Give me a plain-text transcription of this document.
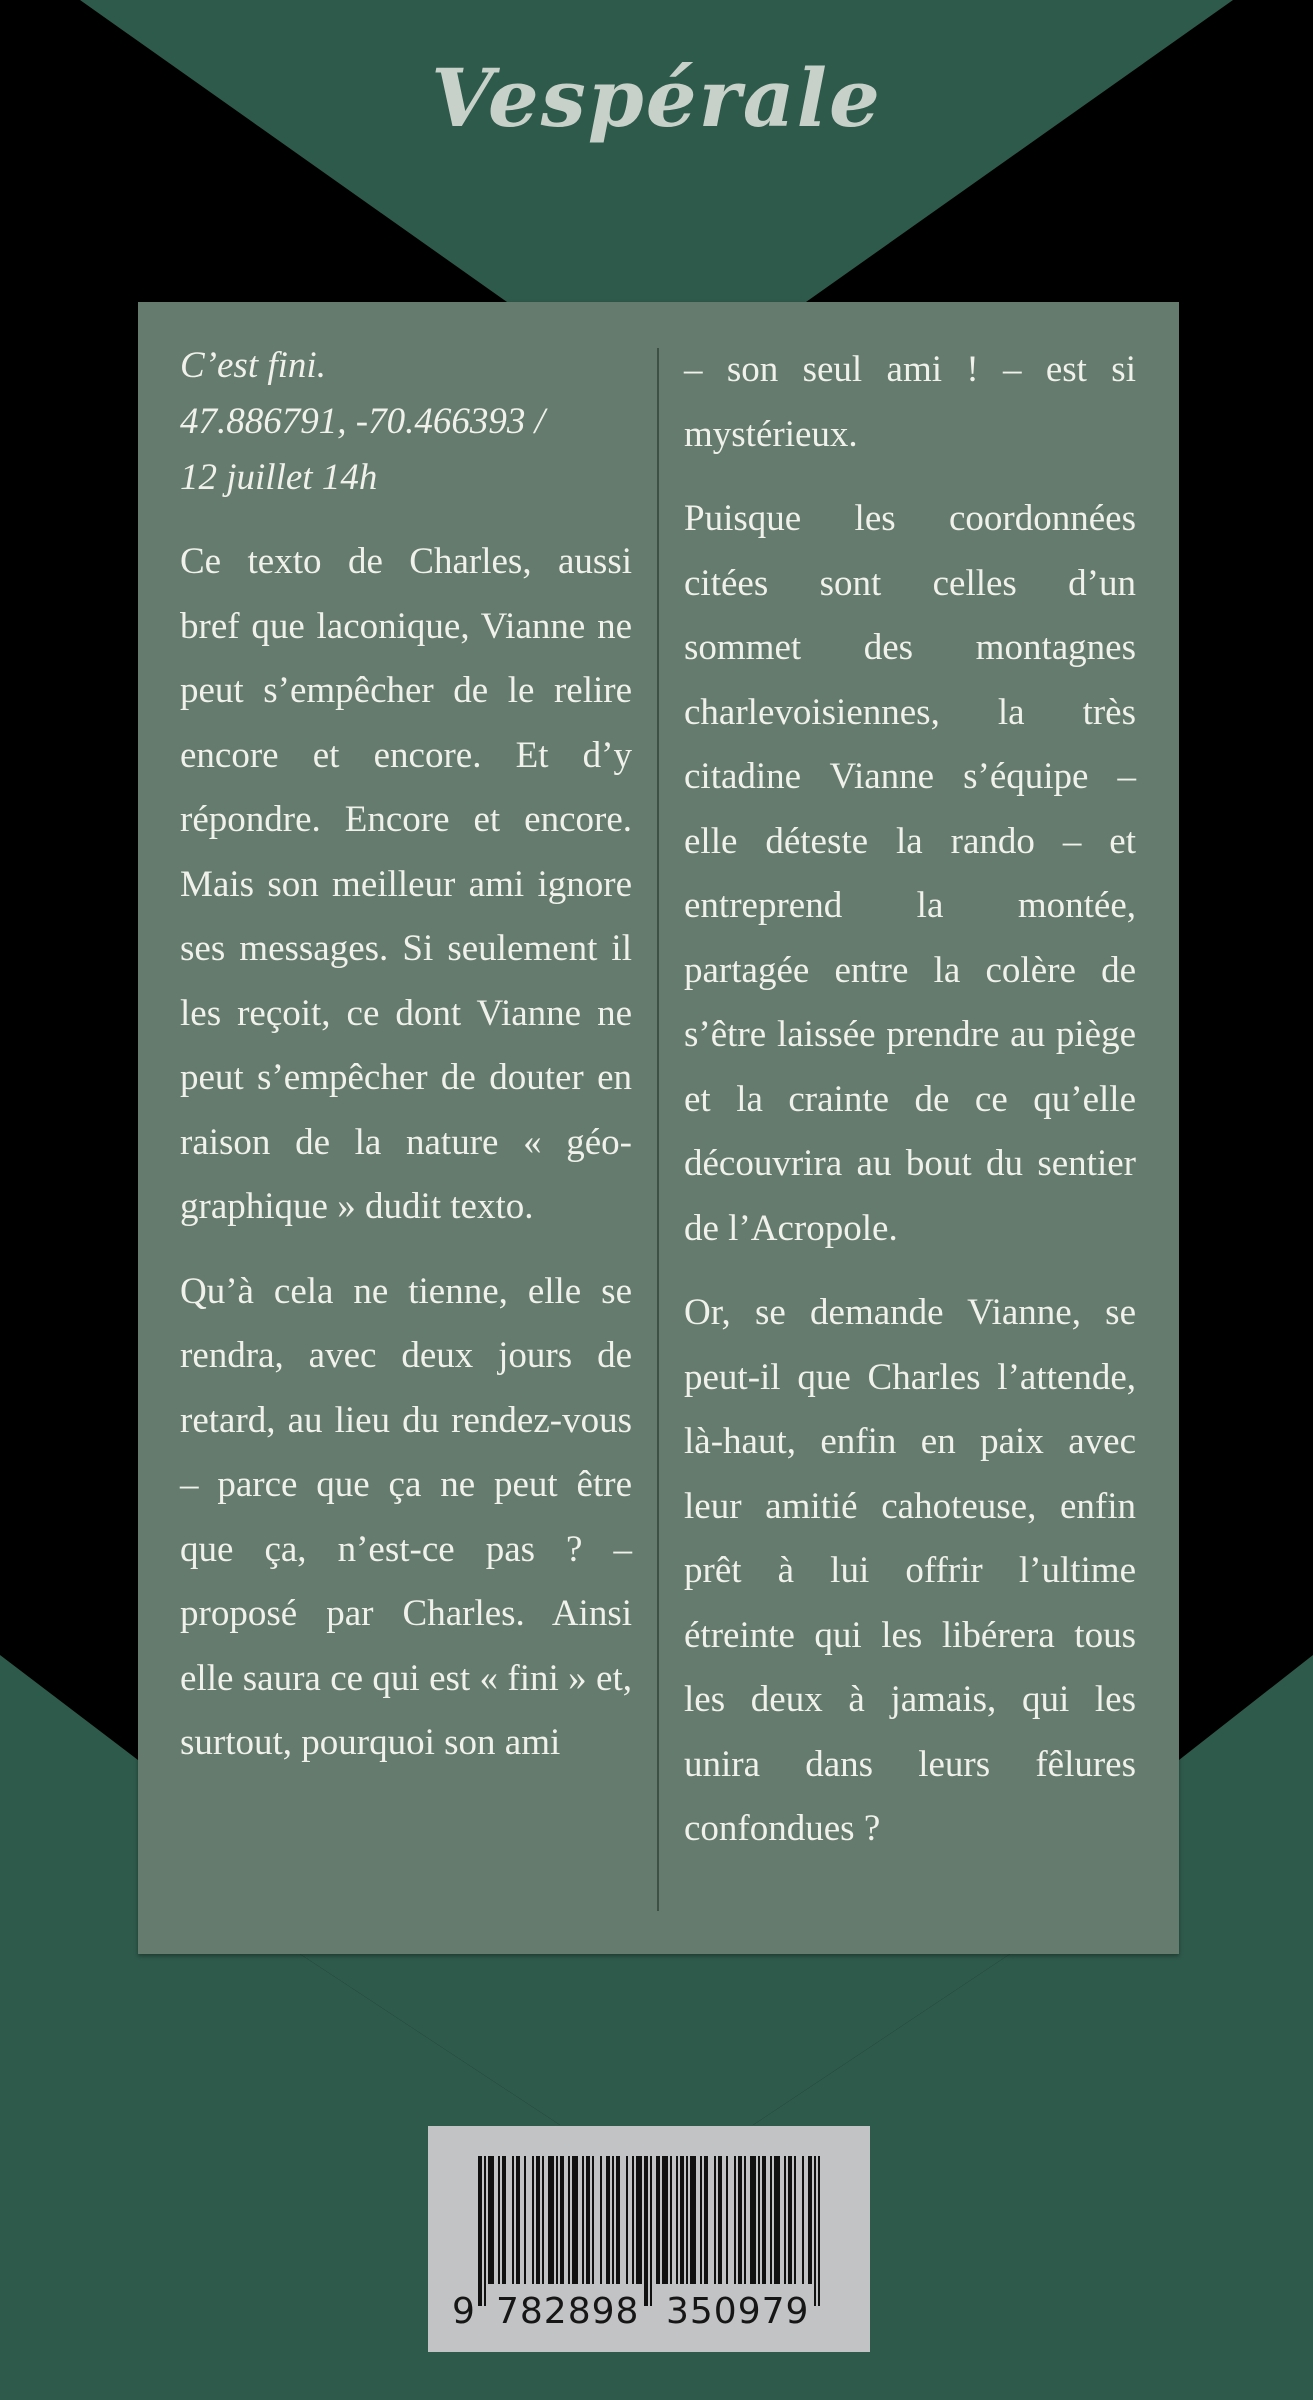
Vespérale
C’est fini.
47.886791, -70.466393 /
12 juillet 14h

Ce texto de Charles, aussi bref que laconique, Vianne ne peut s’empêcher de le relire encore et encore. Et d’y répondre. Encore et encore. Mais son meilleur ami ignore ses messages. Si seulement il les reçoit, ce dont Vianne ne peut s’empêcher de douter en raison de la nature « géographique » dudit texto.

Qu’à cela ne tienne, elle se rendra, avec deux jours de retard, au lieu du rendez-vous – parce que ça ne peut être que ça, n’est-ce pas ? – proposé par Charles. Ainsi elle saura ce qui est « fini » et, surtout, pourquoi son ami

– son seul ami ! – est si mystérieux.

Puisque les coordonnées citées sont celles d’un sommet des montagnes charlevoisiennes, la très citadine Vianne s’équipe – elle déteste la rando – et entreprend la montée, partagée entre la colère de s’être laissée prendre au piège et la crainte de ce qu’elle découvrira au bout du sentier de l’Acropole.

Or, se demande Vianne, se peut-il que Charles l’attende, là-haut, enfin en paix avec leur amitié cahoteuse, enfin prêt à lui offrir l’ultime étreinte qui les libérera tous les deux à jamais, qui les unira dans leurs fêlures confondues ?

9 782898 350979
